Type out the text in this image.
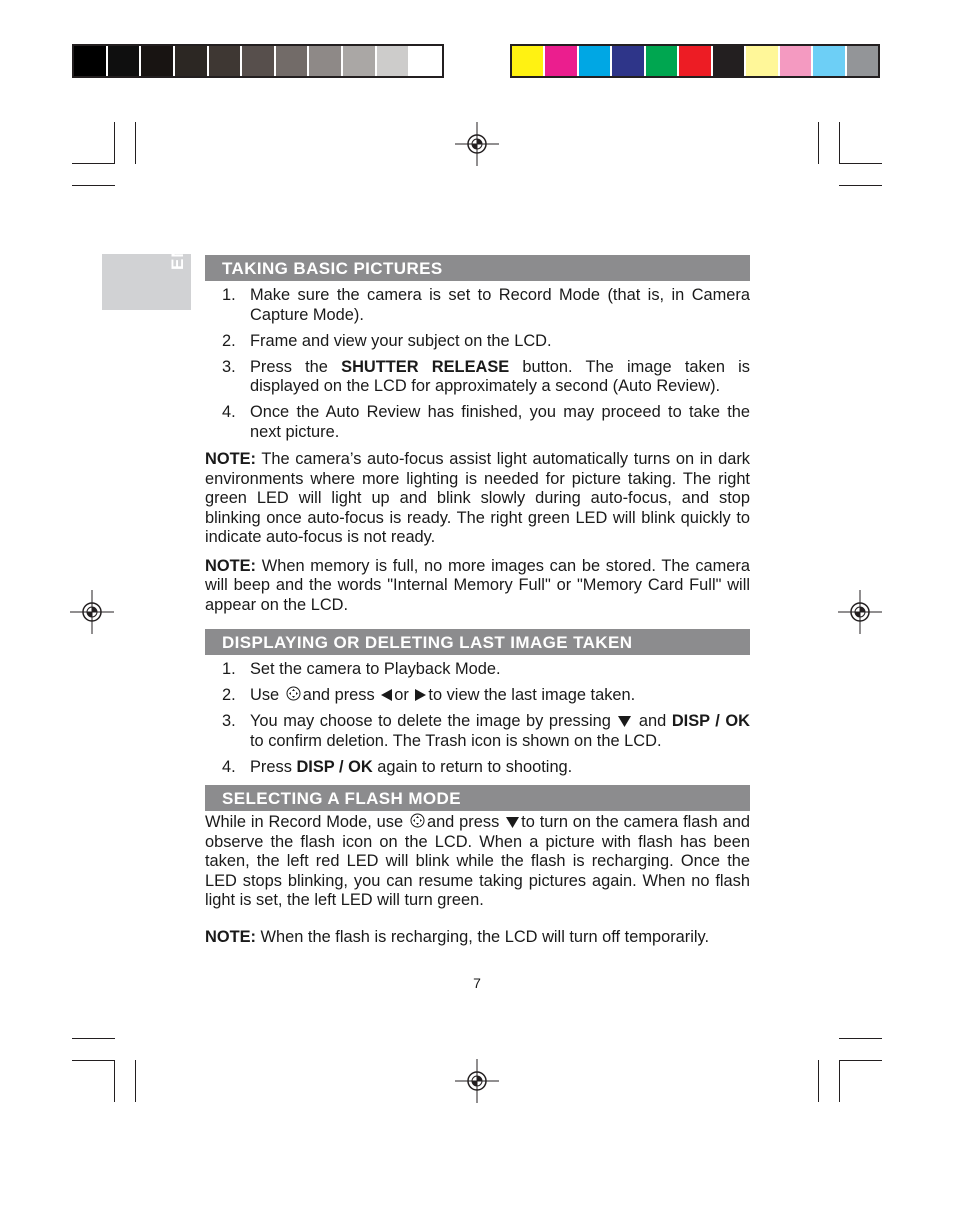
EN	TAKING BASIC PICTURES
1. Make sure the camera is set to Record Mode (that is, in Camera Capture Mode).
2. Frame and view your subject on the LCD.
3. Press the SHUTTER RELEASE button. The image taken is displayed on the LCD for approximately a second (Auto Review).
4. Once the Auto Review has finished, you may proceed to take the next picture.

NOTE: The camera’s auto-focus assist light automatically turns on in dark environments where more lighting is needed for picture taking. The right green LED will light up and blink slowly during auto-focus, and stop blinking once auto-focus is ready. The right green LED will blink quickly to indicate auto-focus is not ready.

NOTE: When memory is full, no more images can be stored. The camera will beep and the words "Internal Memory Full" or "Memory Card Full" will appear on the LCD.

DISPLAYING OR DELETING LAST IMAGE TAKEN
1. Set the camera to Playback Mode.
2. Use and press or to view the last image taken.
3. You may choose to delete the image by pressing  and DISP / OK to confirm deletion. The Trash icon is shown on the LCD.
4. Press DISP / OK again to return to shooting.
SELECTING A FLASH MODE

While in Record Mode, use and press to turn on the camera flash and observe the flash icon on the LCD. When a picture with flash has been taken, the left red LED will blink while the flash is recharging. Once the LED stops blinking, you can resume taking pictures again. When no flash light is set, the left LED will turn green.

NOTE: When the flash is recharging, the LCD will turn off temporarily.

7
